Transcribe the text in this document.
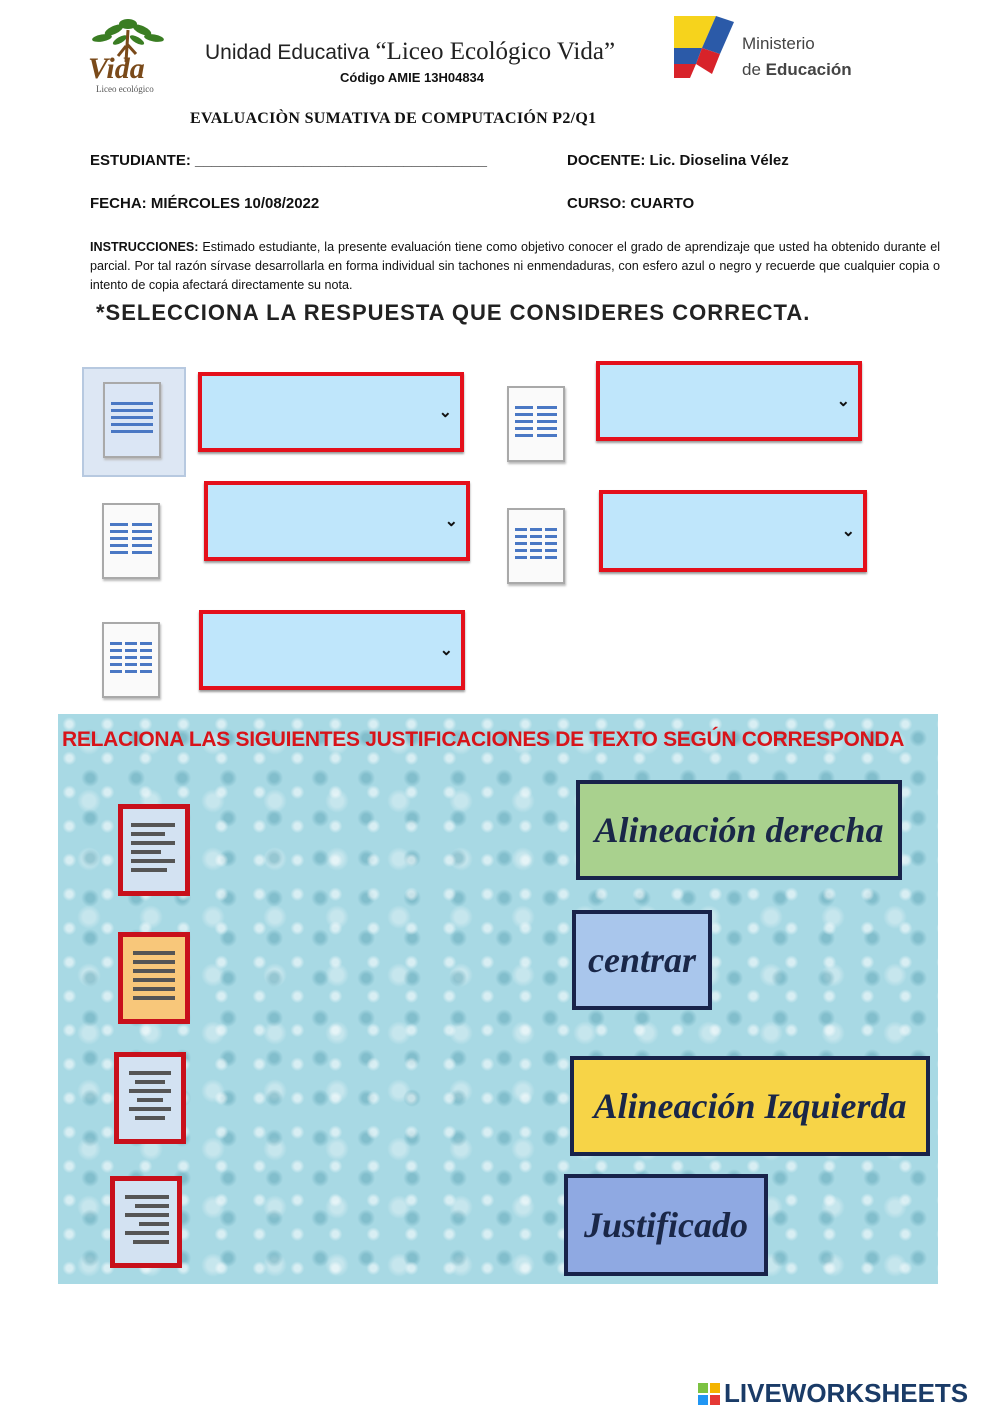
Vida
Liceo ecológico
Unidad Educativa “Liceo Ecológico Vida”
Código AMIE 13H04834
Ministerio
de Educación
EVALUACIÒN SUMATIVA DE COMPUTACIÓN P2/Q1
ESTUDIANTE: ___________________________________	DOCENTE: Lic. Dioselina Vélez
FECHA: MIÉRCOLES 10/08/2022	CURSO: CUARTO
INSTRUCCIONES: Estimado estudiante, la presente evaluación tiene como objetivo conocer el grado de aprendizaje que usted ha obtenido durante el parcial. Por tal razón sírvase desarrollarla en forma individual sin tachones ni enmendaduras, con esfero azul o negro y recuerde que cualquier copia o intento de copia afectará directamente su nota.
*SELECCIONA LA RESPUESTA QUE CONSIDERES CORRECTA.
⌄
⌄
⌄
⌄
⌄
RELACIONA LAS SIGUIENTES JUSTIFICACIONES DE TEXTO SEGÚN CORRESPONDA
Alineación derecha
centrar
Alineación Izquierda
Justificado
LIVEWORKSHEETS
